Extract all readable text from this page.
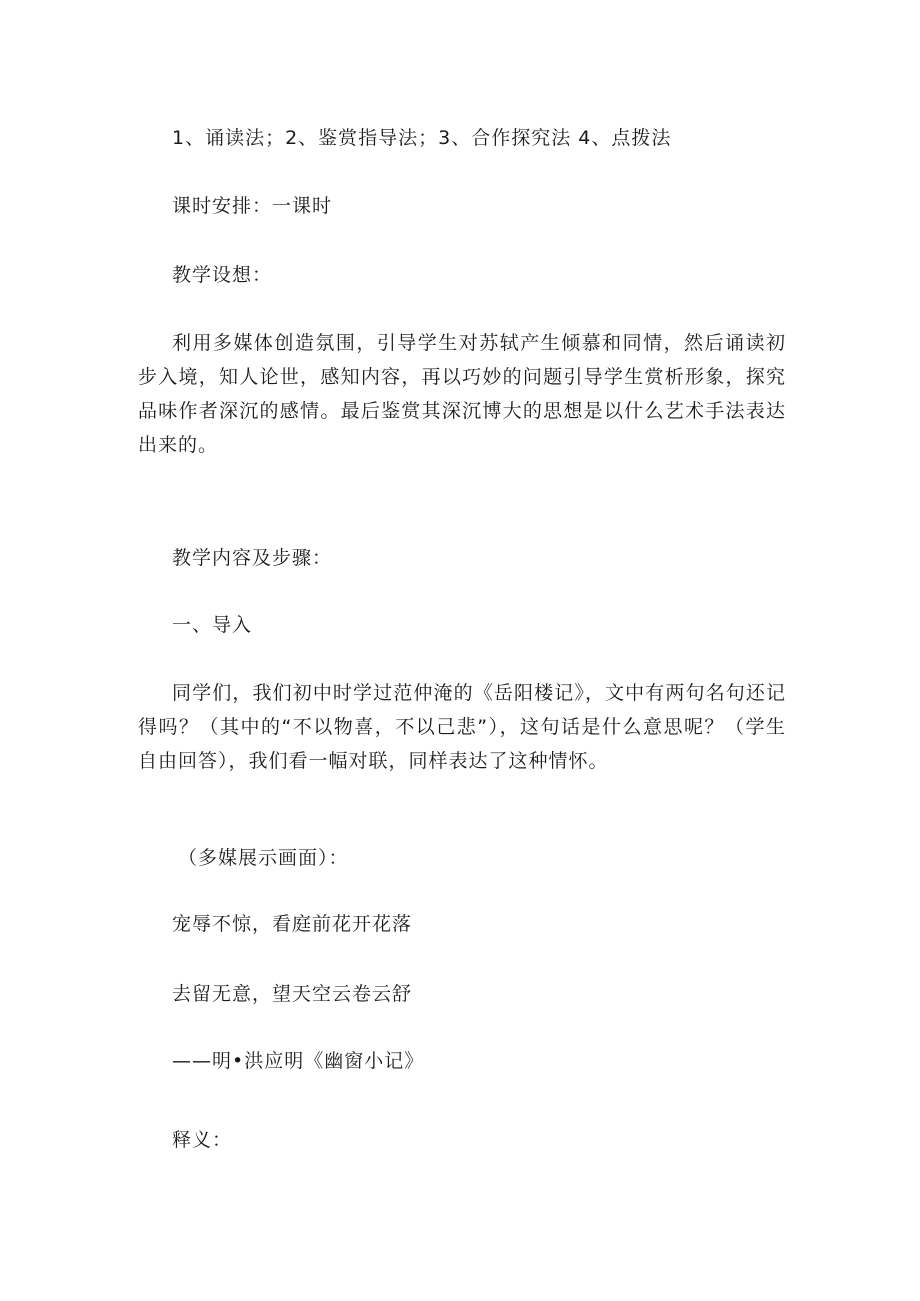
1、诵读法；2、鉴赏指导法；3、合作探究法 4、点拨法
课时安排：一课时
教学设想：
利用多媒体创造氛围，引导学生对苏轼产生倾慕和同情，然后诵读初步入境，知人论世，感知内容，再以巧妙的问题引导学生赏析形象，探究品味作者深沉的感情。最后鉴赏其深沉博大的思想是以什么艺术手法表达出来的。
教学内容及步骤：
一、导入
同学们，我们初中时学过范仲淹的《岳阳楼记》，文中有两句名句还记得吗？（其中的“不以物喜，不以己悲”），这句话是什么意思呢？（学生自由回答），我们看一幅对联，同样表达了这种情怀。
（多媒展示画面）：
宠辱不惊，看庭前花开花落
去留无意，望天空云卷云舒
——明•洪应明《幽窗小记》
释义：
